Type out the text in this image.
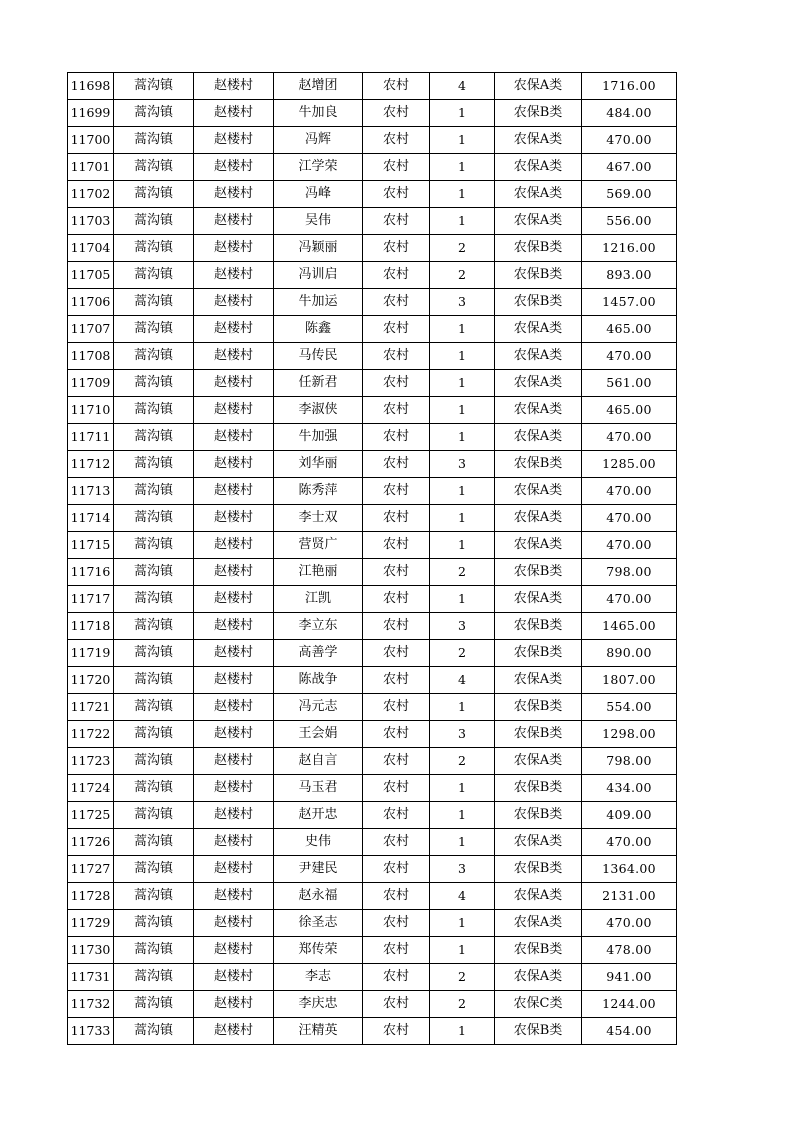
11698	蒿沟镇	赵楼村	赵增团	农村	4	农保A类	1716.00
11699	蒿沟镇	赵楼村	牛加良	农村	1	农保B类	484.00
11700	蒿沟镇	赵楼村	冯辉	农村	1	农保A类	470.00
11701	蒿沟镇	赵楼村	江学荣	农村	1	农保A类	467.00
11702	蒿沟镇	赵楼村	冯峰	农村	1	农保A类	569.00
11703	蒿沟镇	赵楼村	吴伟	农村	1	农保A类	556.00
11704	蒿沟镇	赵楼村	冯颖丽	农村	2	农保B类	1216.00
11705	蒿沟镇	赵楼村	冯训启	农村	2	农保B类	893.00
11706	蒿沟镇	赵楼村	牛加运	农村	3	农保B类	1457.00
11707	蒿沟镇	赵楼村	陈鑫	农村	1	农保A类	465.00
11708	蒿沟镇	赵楼村	马传民	农村	1	农保A类	470.00
11709	蒿沟镇	赵楼村	任新君	农村	1	农保A类	561.00
11710	蒿沟镇	赵楼村	李淑侠	农村	1	农保A类	465.00
11711	蒿沟镇	赵楼村	牛加强	农村	1	农保A类	470.00
11712	蒿沟镇	赵楼村	刘华丽	农村	3	农保B类	1285.00
11713	蒿沟镇	赵楼村	陈秀萍	农村	1	农保A类	470.00
11714	蒿沟镇	赵楼村	李士双	农村	1	农保A类	470.00
11715	蒿沟镇	赵楼村	营贤广	农村	1	农保A类	470.00
11716	蒿沟镇	赵楼村	江艳丽	农村	2	农保B类	798.00
11717	蒿沟镇	赵楼村	江凯	农村	1	农保A类	470.00
11718	蒿沟镇	赵楼村	李立东	农村	3	农保B类	1465.00
11719	蒿沟镇	赵楼村	高善学	农村	2	农保B类	890.00
11720	蒿沟镇	赵楼村	陈战争	农村	4	农保A类	1807.00
11721	蒿沟镇	赵楼村	冯元志	农村	1	农保B类	554.00
11722	蒿沟镇	赵楼村	王会娟	农村	3	农保B类	1298.00
11723	蒿沟镇	赵楼村	赵自言	农村	2	农保A类	798.00
11724	蒿沟镇	赵楼村	马玉君	农村	1	农保B类	434.00
11725	蒿沟镇	赵楼村	赵开忠	农村	1	农保B类	409.00
11726	蒿沟镇	赵楼村	史伟	农村	1	农保A类	470.00
11727	蒿沟镇	赵楼村	尹建民	农村	3	农保B类	1364.00
11728	蒿沟镇	赵楼村	赵永福	农村	4	农保A类	2131.00
11729	蒿沟镇	赵楼村	徐圣志	农村	1	农保A类	470.00
11730	蒿沟镇	赵楼村	郑传荣	农村	1	农保B类	478.00
11731	蒿沟镇	赵楼村	李志	农村	2	农保A类	941.00
11732	蒿沟镇	赵楼村	李庆忠	农村	2	农保C类	1244.00
11733	蒿沟镇	赵楼村	汪精英	农村	1	农保B类	454.00
